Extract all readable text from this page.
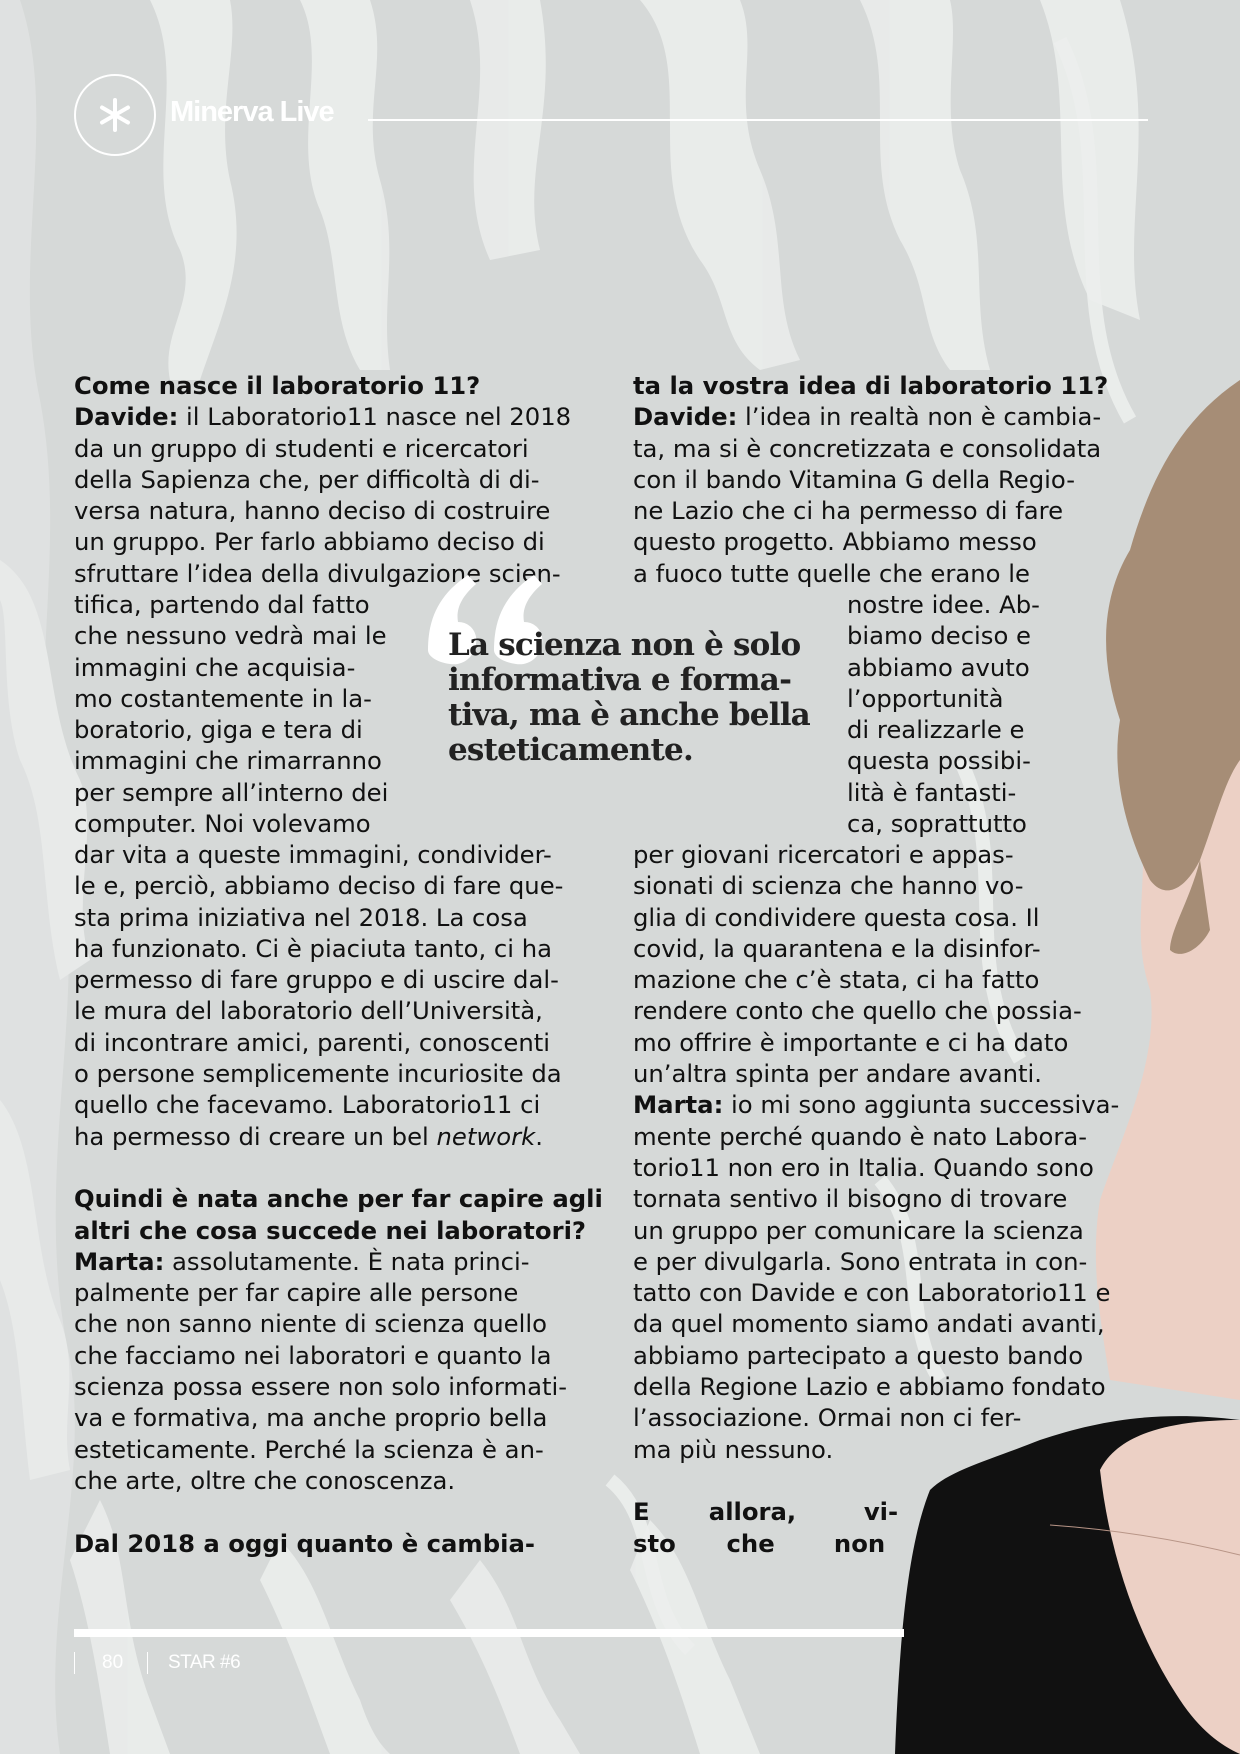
Minerva Live
Come nasce il laboratorio 11?
Davide: il Laboratorio11 nasce nel 2018
da un gruppo di studenti e ricercatori
della Sapienza che, per difficoltà di di-
versa natura, hanno deciso di costruire
un gruppo. Per farlo abbiamo deciso di
sfruttare l’idea della divulgazione scien-
tifica, partendo dal fatto
che nessuno vedrà mai le
immagini che acquisia-
mo costantemente in la-
boratorio, giga e tera di
immagini che rimarranno
per sempre all’interno dei
computer. Noi volevamo
dar vita a queste immagini, condivider-
le e, perciò, abbiamo deciso di fare que-
sta prima iniziativa nel 2018. La cosa
ha funzionato. Ci è piaciuta tanto, ci ha
permesso di fare gruppo e di uscire dal-
le mura del laboratorio dell’Università,
di incontrare amici, parenti, conoscenti
o persone semplicemente incuriosite da
quello che facevamo. Laboratorio11 ci
ha permesso di creare un bel network.

Quindi è nata anche per far capire agli
altri che cosa succede nei laboratori?
Marta: assolutamente. È nata princi-
palmente per far capire alle persone
che non sanno niente di scienza quello
che facciamo nei laboratori e quanto la
scienza possa essere non solo informati-
va e formativa, ma anche proprio bella
esteticamente. Perché la scienza è an-
che arte, oltre che conoscenza.

Dal 2018 a oggi quanto è cambia-
ta la vostra idea di laboratorio 11?
Davide: l’idea in realtà non è cambia-
ta, ma si è concretizzata e consolidata
con il bando Vitamina G della Regio-
ne Lazio che ci ha permesso di fare
questo progetto. Abbiamo messo
a fuoco tutte quelle che erano le
nostre idee. Ab-
biamo deciso e
abbiamo avuto
l’opportunità
di realizzarle e
questa possibi-
lità è fantasti-
ca, soprattutto
per giovani ricercatori e appas-
sionati di scienza che hanno vo-
glia di condividere questa cosa. Il
covid, la quarantena e la disinfor-
mazione che c’è stata, ci ha fatto
rendere conto che quello che possia-
mo offrire è importante e ci ha dato
un’altra spinta per andare avanti.
Marta: io mi sono aggiunta successiva-
mente perché quando è nato Labora-
torio11 non ero in Italia. Quando sono
tornata sentivo il bisogno di trovare
un gruppo per comunicare la scienza
e per divulgarla. Sono entrata in con-
tatto con Davide e con Laboratorio11 e
da quel momento siamo andati avanti,
abbiamo partecipato a questo bando
della Regione Lazio e abbiamo fondato
l’associazione. Ormai non ci fer-
ma più nessuno.

E       allora,        vi-
sto      che       non
La scienza non è solo
informativa e forma-
tiva, ma è anche bella
esteticamente.
80 STAR #6
